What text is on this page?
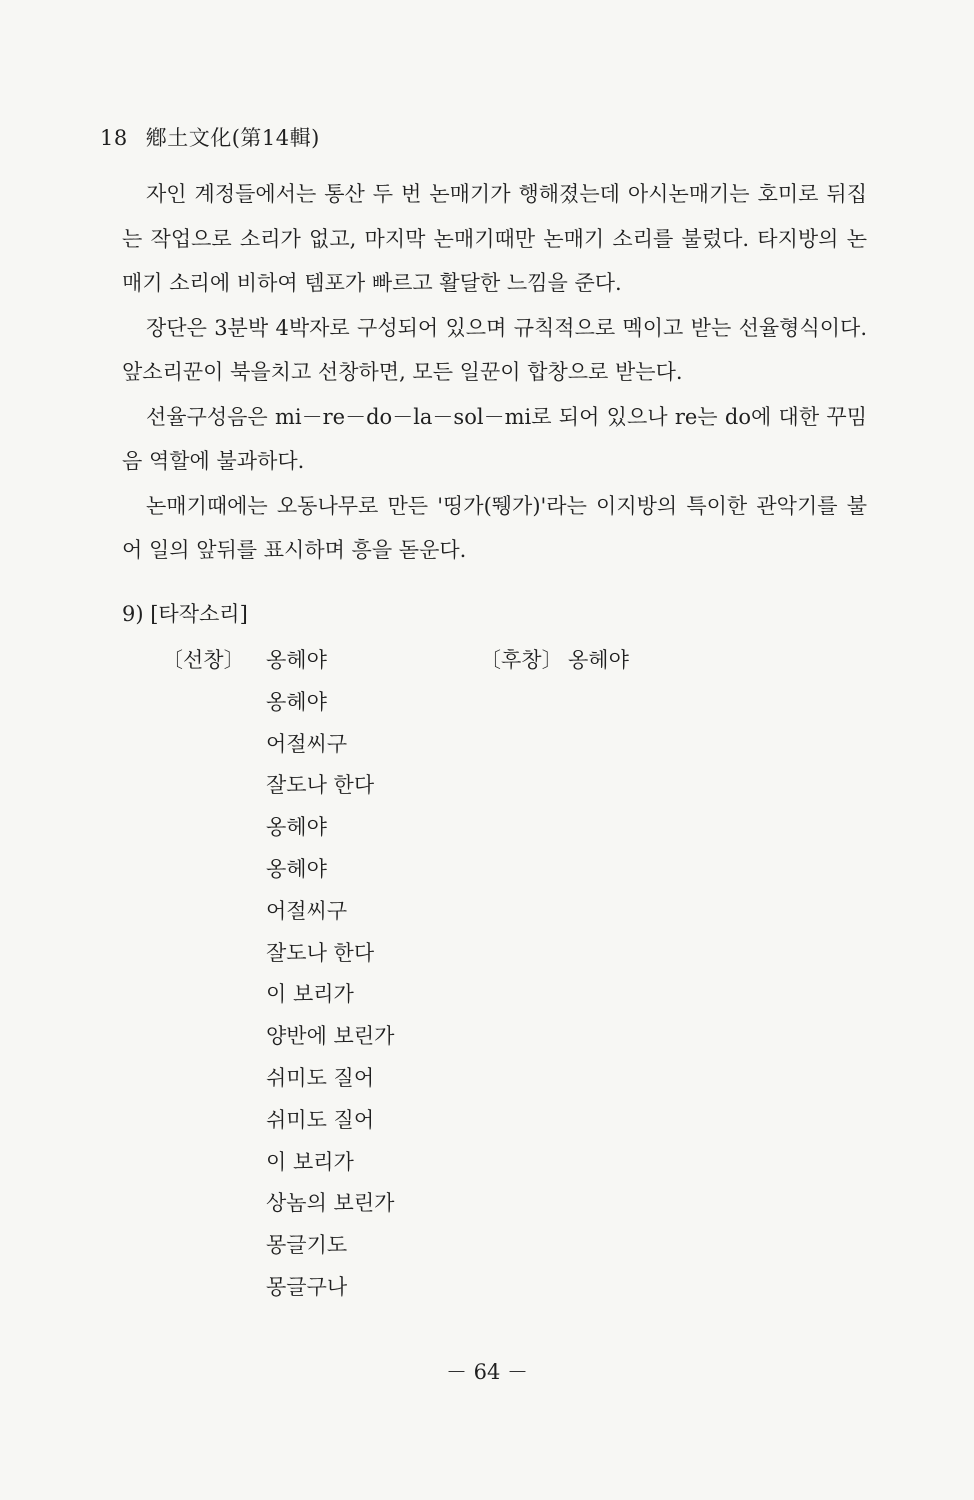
18 鄕土文化(第14輯)

자인 계정들에서는 통산 두 번 논매기가 행해졌는데 아시논매기는 호미로 뒤집는 작업으로 소리가 없고, 마지막 논매기때만 논매기 소리를 불렀다. 타지방의 논매기 소리에 비하여 템포가 빠르고 활달한 느낌을 준다.

장단은 3분박 4박자로 구성되어 있으며 규칙적으로 멕이고 받는 선율형식이다. 앞소리꾼이 북을치고 선창하면, 모든 일꾼이 합창으로 받는다.

선율구성음은 mi－re－do－la－sol－mi로 되어 있으나 re는 do에 대한 꾸밈음 역할에 불과하다.

논매기때에는 오동나무로 만든 '띵가(뛩가)'라는 이지방의 특이한 관악기를 불어 일의 앞뒤를 표시하며 흥을 돋운다.

9) [타작소리]
〔선창〕 옹헤야
옹헤야
어절씨구
잘도나 한다
옹헤야
옹헤야
어절씨구
잘도나 한다
이 보리가
양반에 보린가
쉬미도 질어
쉬미도 질어
이 보리가
상놈의 보린가
몽글기도
몽글구나
〔후창〕 옹헤야
－ 64 －
